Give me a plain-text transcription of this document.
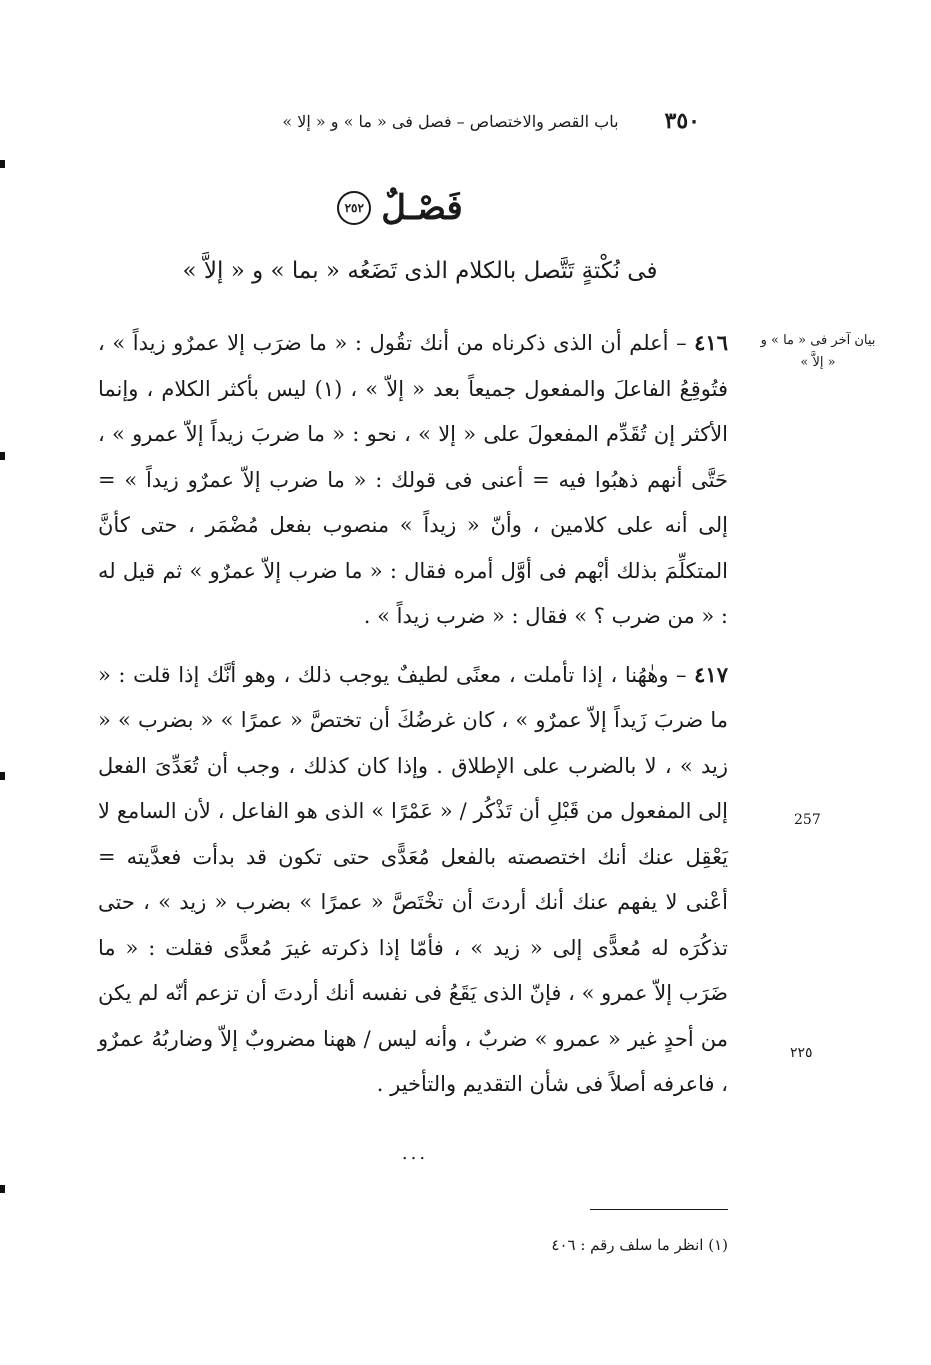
٣٥٠
باب القصر والاختصاص – فصل فى « ما » و « إلا »
فَصْـلٌ
٢٥٢
فى نُكْتةٍ تَتَّصل بالكلام الذى تَضَعُه « بما » و « إلاَّ »
بيان آخر فى « ما » و « إلاَّ »
257
٢٢٥

٤١٦ – أعلم أن الذى ذكرناه من أنك تقُول : « ما ضرَب إلا عمرٌو زيداً » ، فتُوقِعُ الفاعلَ والمفعول جميعاً بعد « إلاّ » ، (١) ليس بأكثر الكلام ، وإنما الأكثر إن تُقَدِّم المفعولَ على « إلا » ، نحو : « ما ضربَ زيداً إلاّ عمرو » ، حَتَّى أنهم ذهبُوا فيه = أعنى فى قولك : « ما ضرب إلاّ عمرٌو زيداً » = إلى أنه على كلامين ، وأنّ « زيداً » منصوب بفعل مُضْمَر ، حتى كأنَّ المتكلِّمَ بذلك أبْهم فى أوَّل أمره فقال : « ما ضرب إلاّ عمرٌو » ثم قيل له : « من ضرب ؟ » فقال : « ضرب زيداً » .

٤١٧ – وهٰهُنا ، إذا تأملت ، معنًى لطيفٌ يوجب ذلك ، وهو أنَّك إذا قلت : « ما ضربَ زَيداً إلاّ عمرٌو » ، كان غرضُكَ أن تختصَّ « عمرًا » « بضرب » « زيد » ، لا بالضرب على الإطلاق . وإذا كان كذلك ، وجب أن تُعَدِّىَ الفعل إلى المفعول من قَبْلِ أن تَذْكُر / « عَمْرًا » الذى هو الفاعل ، لأن السامع لا يَعْقِل عنك أنك اختصصته بالفعل مُعَدًّى حتى تكون قد بدأت فعدَّيته = أعْنى لا يفهم عنك أنك أردتَ أن تخْتَصَّ « عمرًا » بضرب « زيد » ، حتى تذكُرَه له مُعدًّى إلى « زيد » ، فأمّا إذا ذكرته غيرَ مُعدًّى فقلت : « ما ضَرَب إلاّ عمرو » ، فإنّ الذى يَقَعُ فى نفسه أنك أردتَ أن تزعم أنّه لم يكن من أحدٍ غير « عمرو » ضربٌ ، وأنه ليس / ههنا مضروبٌ إلاّ وضاربُهُ عمرٌو ، فاعرفه أصلاً فى شأن التقديم والتأخير .

...
(١) انظر ما سلف رقم : ٤٠٦
